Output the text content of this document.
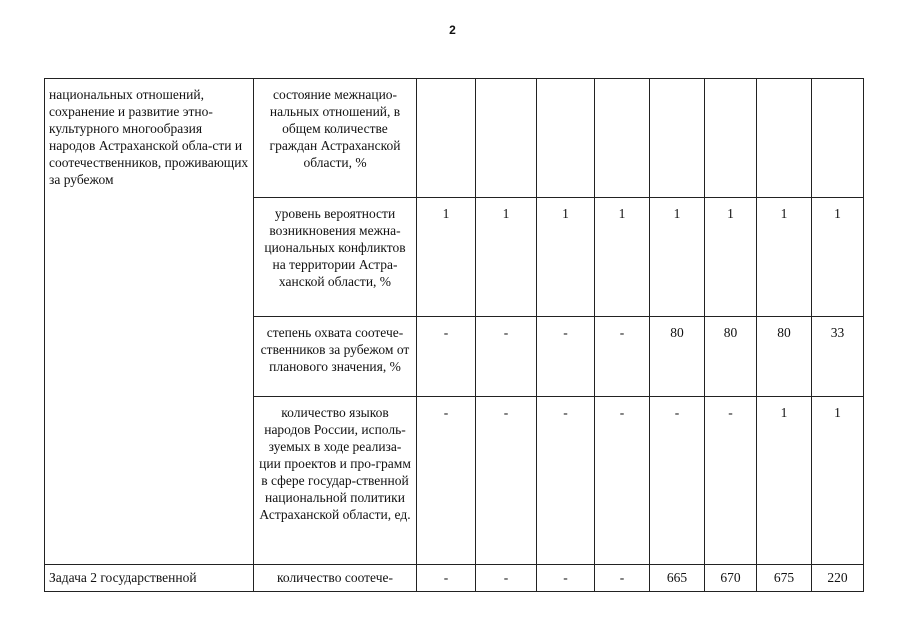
2
национальных отношений, сохранение и развитие этно-культурного многообразия народов Астраханской обла-сти и соотечественников, проживающих за рубежом	состояние межнацио-нальных отношений, в общем количестве граждан Астраханской области, %								
	уровень вероятности возникновения межна-циональных конфликтов на территории Астра-ханской области, %	1	1	1	1	1	1	1	1
	степень охвата соотече-ственников за рубежом от планового значения, %	-	-	-	-	80	80	80	33
	количество языков народов России, исполь-зуемых в ходе реализа-ции проектов и про-грамм в сфере государ-ственной национальной политики Астраханской области, ед.	-	-	-	-	-	-	1	1
Задача 2 государственной	количество соотече-	-	-	-	-	665	670	675	220
